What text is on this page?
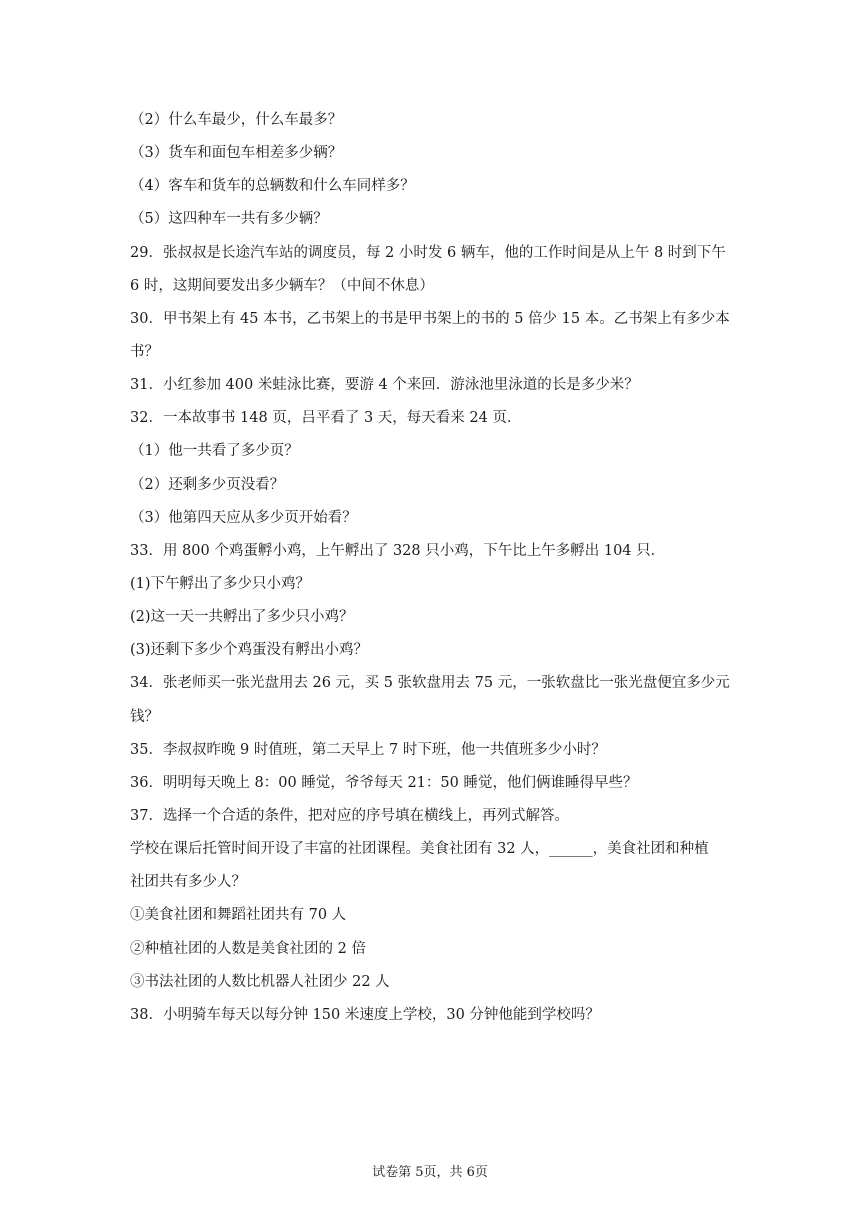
（2）什么车最少，什么车最多？
（3）货车和面包车相差多少辆？
（4）客车和货车的总辆数和什么车同样多？
（5）这四种车一共有多少辆？
29．张叔叔是长途汽车站的调度员，每 2 小时发 6 辆车，他的工作时间是从上午 8 时到下午
6 时，这期间要发出多少辆车？（中间不休息）
30．甲书架上有 45 本书，乙书架上的书是甲书架上的书的 5 倍少 15 本。乙书架上有多少本
书？
31．小红参加 400 米蛙泳比赛，要游 4 个来回．游泳池里泳道的长是多少米？
32．一本故事书 148 页，吕平看了 3 天，每天看来 24 页．
（1）他一共看了多少页？
（2）还剩多少页没看？
（3）他第四天应从多少页开始看？
33．用 800 个鸡蛋孵小鸡，上午孵出了 328 只小鸡，下午比上午多孵出 104 只．
(1)下午孵出了多少只小鸡？
(2)这一天一共孵出了多少只小鸡？
(3)还剩下多少个鸡蛋没有孵出小鸡？
34．张老师买一张光盘用去 26 元，买 5 张软盘用去 75 元，一张软盘比一张光盘便宜多少元
钱？
35．李叔叔昨晚 9 时值班，第二天早上 7 时下班，他一共值班多少小时？
36．明明每天晚上 8：00 睡觉，爷爷每天 21：50 睡觉，他们俩谁睡得早些？
37．选择一个合适的条件，把对应的序号填在横线上，再列式解答。
学校在课后托管时间开设了丰富的社团课程。美食社团有 32 人，______，美食社团和种植
社团共有多少人？
①美食社团和舞蹈社团共有 70 人
②种植社团的人数是美食社团的 2 倍
③书法社团的人数比机器人社团少 22 人
38．小明骑车每天以每分钟 150 米速度上学校，30 分钟他能到学校吗？
试卷第 5页，共 6页
